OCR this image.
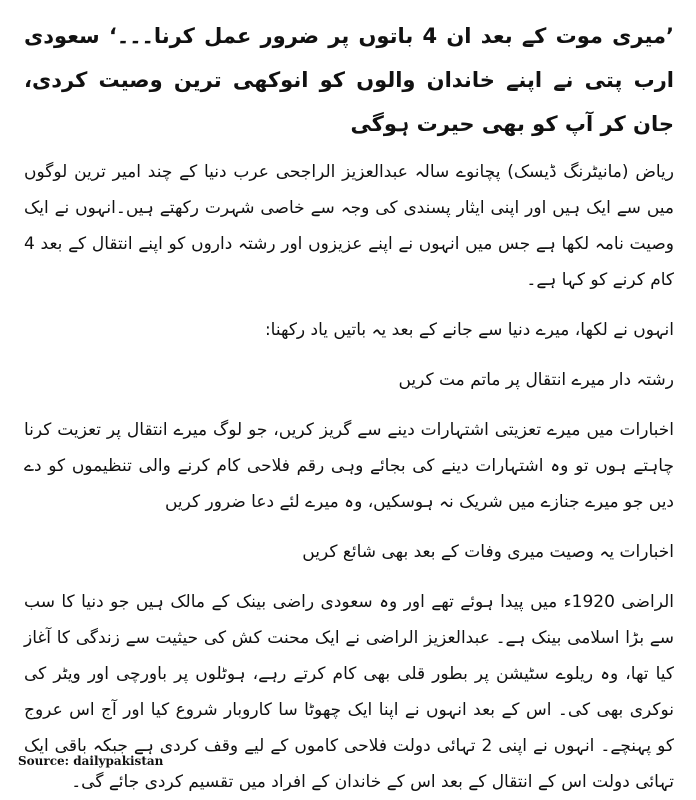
’میری موت کے بعد ان 4 باتوں پر ضرور عمل کرنا۔۔۔‘ سعودی ارب پتی نے اپنے خاندان والوں کو انوکھی ترین وصیت کردی، جان کر آپ کو بھی حیرت ہوگی

ریاض (مانیٹرنگ ڈیسک) پچانوے سالہ عبدالعزیز الراجحی عرب دنیا کے چند امیر ترین لوگوں میں سے ایک ہیں اور اپنی ایثار پسندی کی وجہ سے خاصی شہرت رکھتے ہیں۔انہوں نے ایک وصیت نامہ لکھا ہے جس میں انہوں نے اپنے عزیزوں اور رشتہ داروں کو اپنے انتقال کے بعد 4 کام کرنے کو کہا ہے۔

انہوں نے لکھا، میرے دنیا سے جانے کے بعد یہ باتیں یاد رکھنا:

رشتہ دار میرے انتقال پر ماتم مت کریں

اخبارات میں میرے تعزیتی اشتہارات دینے سے گریز کریں، جو لوگ میرے انتقال پر تعزیت کرنا چاہتے ہوں تو وہ اشتہارات دینے کی بجائے وہی رقم فلاحی کام کرنے والی تنظیموں کو دے دیں جو میرے جنازے میں شریک نہ ہوسکیں، وہ میرے لئے دعا ضرور کریں

اخبارات یہ وصیت میری وفات کے بعد بھی شائع کریں

الراضی 1920ء میں پیدا ہوئے تھے اور وہ سعودی راضی بینک کے مالک ہیں جو دنیا کا سب سے بڑا اسلامی بینک ہے۔ عبدالعزیز الراضی نے ایک محنت کش کی حیثیت سے زندگی کا آغاز کیا تھا، وہ ریلوے سٹیشن پر بطور قلی بھی کام کرتے رہے، ہوٹلوں پر باورچی اور ویٹر کی نوکری بھی کی۔ اس کے بعد انہوں نے اپنا ایک چھوٹا سا کاروبار شروع کیا اور آج اس عروج کو پہنچے۔ انہوں نے اپنی 2 تہائی دولت فلاحی کاموں کے لیے وقف کردی ہے جبکہ باقی ایک تہائی دولت اس کے انتقال کے بعد اس کے خاندان کے افراد میں تقسیم کردی جائے گی۔

Source: dailypakistan
